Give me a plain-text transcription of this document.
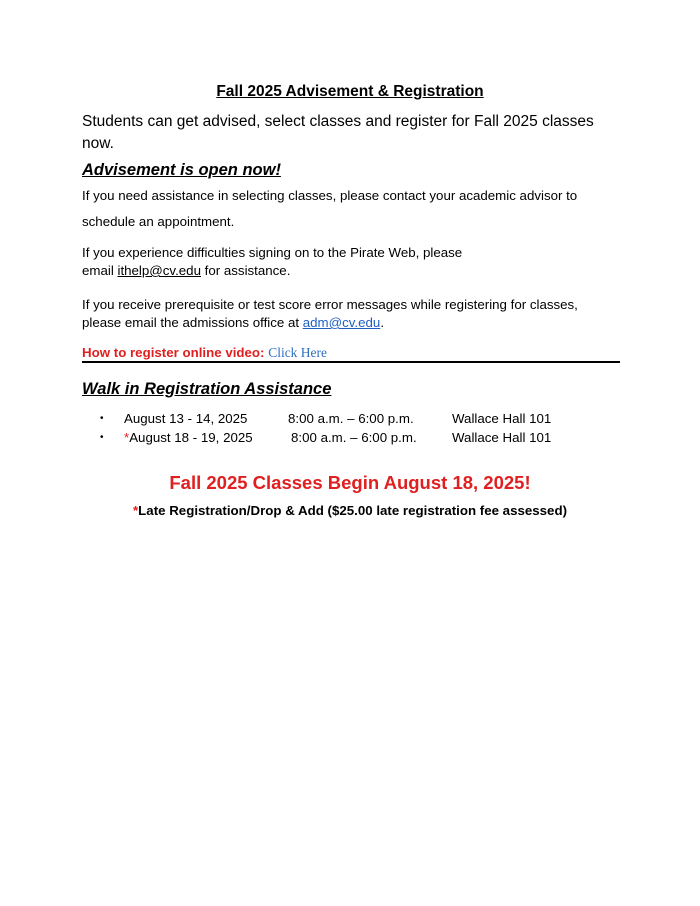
Fall 2025 Advisement & Registration
Students can get advised, select classes and register for Fall 2025 classes now.
Advisement is open now!
If you need assistance in selecting classes, please contact your academic advisor to schedule an appointment.
If you experience difficulties signing on to the Pirate Web, please
email ithelp@cv.edu for assistance.
If you receive prerequisite or test score error messages while registering for classes,
please email the admissions office at adm@cv.edu.
How to register online video: Click Here
Walk in Registration Assistance
• August 13 - 14, 2025	8:00 a.m. – 6:00 p.m.	Wallace Hall 101
• *August 18 - 19, 2025	8:00 a.m. – 6:00 p.m.	Wallace Hall 101
Fall 2025 Classes Begin August 18, 2025!
*Late Registration/Drop & Add ($25.00 late registration fee assessed)
